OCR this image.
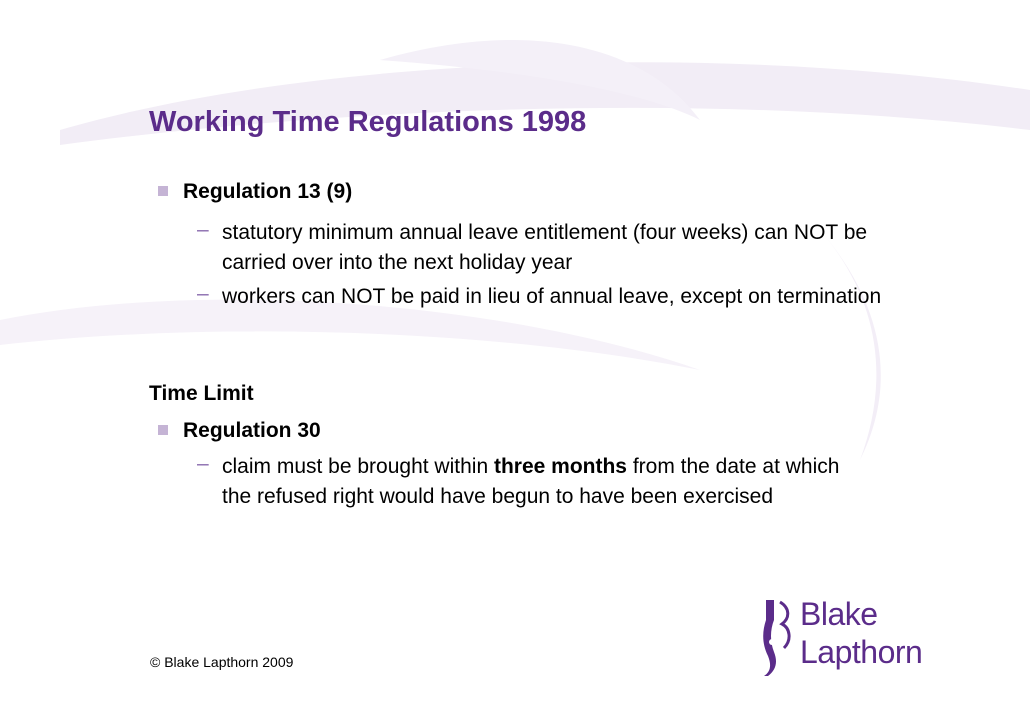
Working Time Regulations 1998
Regulation 13 (9)
– statutory minimum annual leave entitlement (four weeks) can NOT be carried over into the next holiday year

– workers can NOT be paid in lieu of annual leave, except on termination

Time Limit
Regulation 30
– claim must be brought within three months from the date at which the refused right would have begun to have been exercised

© Blake Lapthorn 2009
Blake
Lapthorn
